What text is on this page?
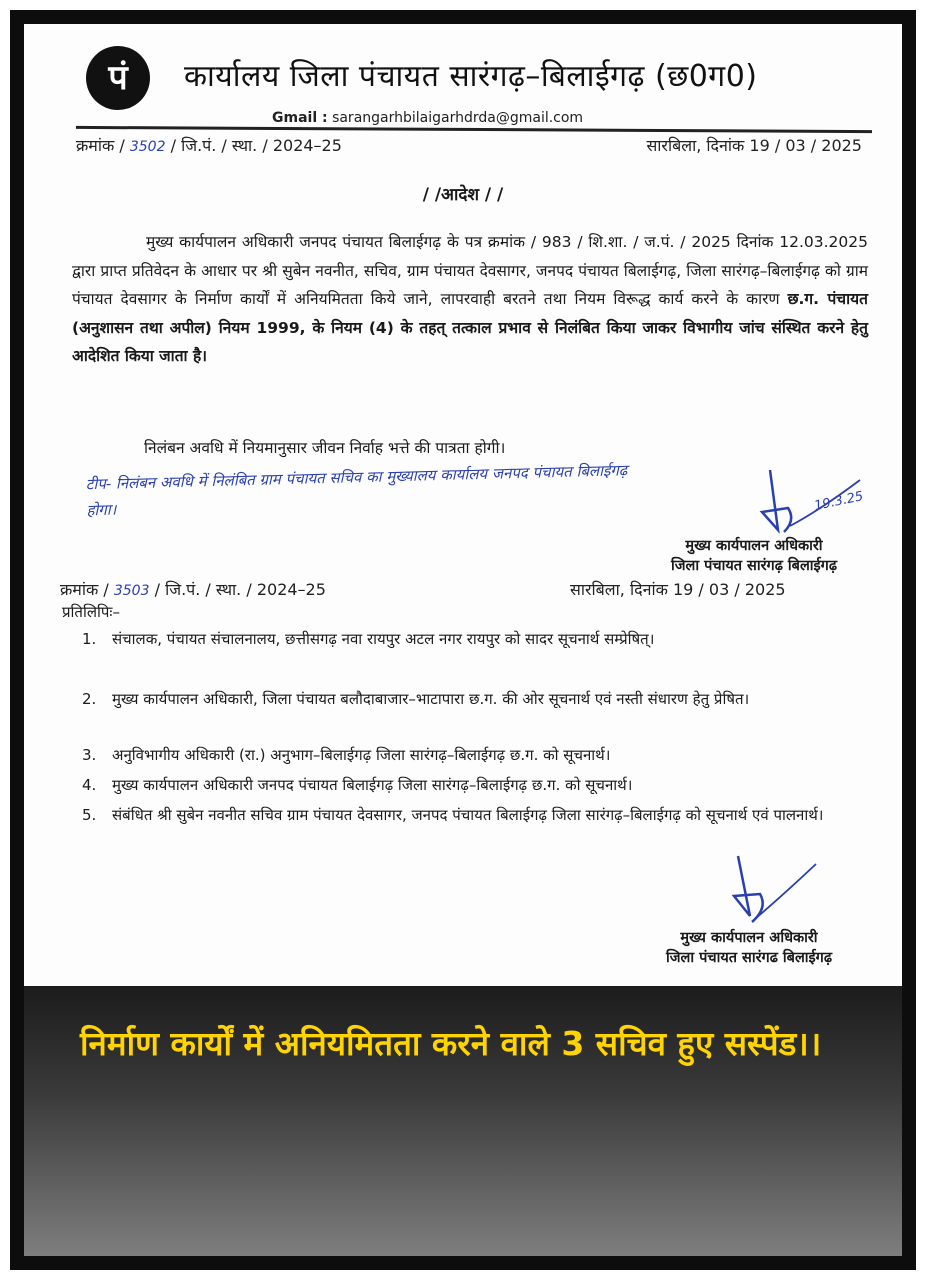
पं	कार्यालय जिला पंचायत सारंगढ़–बिलाईगढ़ (छ0ग0)
Gmail : sarangarhbilaigarhdrda@gmail.com
क्रमांक / 3502 / जि.पं. / स्था. / 2024–25	सारबिला, दिनांक 19 / 03 / 2025
/ /आदेश / /
मुख्य कार्यपालन अधिकारी जनपद पंचायत बिलाईगढ़ के पत्र क्रमांक / 983 / शि.शा. / ज.पं. / 2025 दिनांक 12.03.2025 द्वारा प्राप्त प्रतिवेदन के आधार पर श्री सुबेन नवनीत, सचिव, ग्राम पंचायत देवसागर, जनपद पंचायत बिलाईगढ़, जिला सारंगढ़–बिलाईगढ़ को ग्राम पंचायत देवसागर के निर्माण कार्यों में अनियमितता किये जाने, लापरवाही बरतने तथा नियम विरूद्ध कार्य करने के कारण छ.ग. पंचायत (अनुशासन तथा अपील) नियम 1999, के नियम (4) के तहत् तत्काल प्रभाव से निलंबित किया जाकर विभागीय जांच संस्थित करने हेतु आदेशित किया जाता है।
निलंबन अवधि में नियमानुसार जीवन निर्वाह भत्ते की पात्रता होगी।
टीप- निलंबन अवधि में निलंबित ग्राम पंचायत सचिव का मुख्यालय कार्यालय जनपद पंचायत बिलाईगढ़ होगा।	19.3.25
मुख्य कार्यपालन अधिकारी
जिला पंचायत सारंगढ़ बिलाईगढ़
क्रमांक / 3503 / जि.पं. / स्था. / 2024–25	सारबिला, दिनांक 19 / 03 / 2025
प्रतिलिपिः–
1.	संचालक, पंचायत संचालनालय, छत्तीसगढ़ नवा रायपुर अटल नगर रायपुर को सादर सूचनार्थ सम्प्रेषित्।
2.	मुख्य कार्यपालन अधिकारी, जिला पंचायत बलौदाबाजार–भाटापारा छ.ग. की ओर सूचनार्थ एवं नस्ती संधारण हेतु प्रेषित।
3.	अनुविभागीय अधिकारी (रा.) अनुभाग–बिलाईगढ़ जिला सारंगढ़–बिलाईगढ़ छ.ग. को सूचनार्थ।
4.	मुख्य कार्यपालन अधिकारी जनपद पंचायत बिलाईगढ़ जिला सारंगढ़–बिलाईगढ़ छ.ग. को सूचनार्थ।
5.	संबंधित श्री सुबेन नवनीत सचिव ग्राम पंचायत देवसागर, जनपद पंचायत बिलाईगढ़ जिला सारंगढ़–बिलाईगढ़ को सूचनार्थ एवं पालनार्थ।
मुख्य कार्यपालन अधिकारी
जिला पंचायत सारंगढ बिलाईगढ़
निर्माण कार्यों में अनियमितता करने वाले 3 सचिव हुए सस्पेंड।।
